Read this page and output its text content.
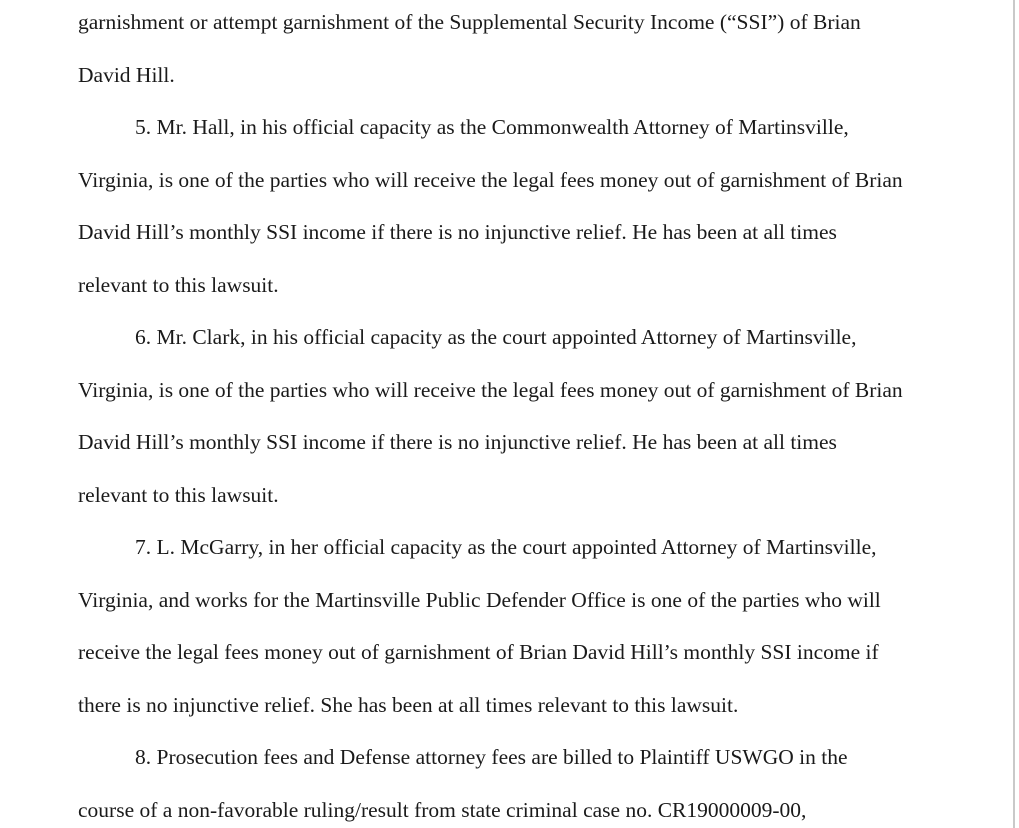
garnishment or attempt garnishment of the Supplemental Security Income (“SSI”) of Brian
David Hill.
5. Mr. Hall, in his official capacity as the Commonwealth Attorney of Martinsville,
Virginia, is one of the parties who will receive the legal fees money out of garnishment of Brian
David Hill’s monthly SSI income if there is no injunctive relief. He has been at all times
relevant to this lawsuit.
6. Mr. Clark, in his official capacity as the court appointed Attorney of Martinsville,
Virginia, is one of the parties who will receive the legal fees money out of garnishment of Brian
David Hill’s monthly SSI income if there is no injunctive relief. He has been at all times
relevant to this lawsuit.
7. L. McGarry, in her official capacity as the court appointed Attorney of Martinsville,
Virginia, and works for the Martinsville Public Defender Office is one of the parties who will
receive the legal fees money out of garnishment of Brian David Hill’s monthly SSI income if
there is no injunctive relief. She has been at all times relevant to this lawsuit.
8. Prosecution fees and Defense attorney fees are billed to Plaintiff USWGO in the
course of a non-favorable ruling/result from state criminal case no. CR19000009-00,
